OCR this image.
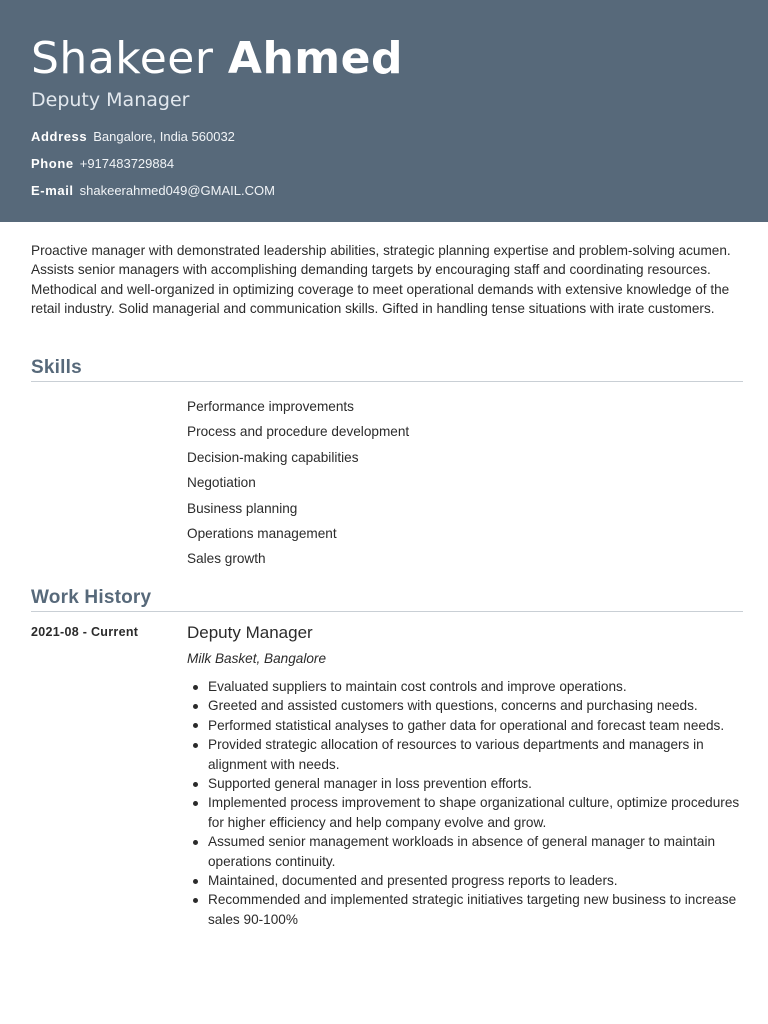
Shakeer Ahmed
Deputy Manager
Address Bangalore, India 560032
Phone +917483729884
E-mail shakeerahmed049@GMAIL.COM

Proactive manager with demonstrated leadership abilities, strategic planning expertise and problem-solving acumen. Assists senior managers with accomplishing demanding targets by encouraging staff and coordinating resources. Methodical and well-organized in optimizing coverage to meet operational demands with extensive knowledge of the retail industry. Solid managerial and communication skills. Gifted in handling tense situations with irate customers.

Skills
Performance improvements
Process and procedure development
Decision-making capabilities
Negotiation
Business planning
Operations management
Sales growth
Work History
2021-08 - Current	Deputy Manager
Milk Basket, Bangalore
Evaluated suppliers to maintain cost controls and improve operations.
Greeted and assisted customers with questions, concerns and purchasing needs.
Performed statistical analyses to gather data for operational and forecast team needs.
Provided strategic allocation of resources to various departments and managers in alignment with needs.
Supported general manager in loss prevention efforts.
Implemented process improvement to shape organizational culture, optimize procedures for higher efficiency and help company evolve and grow.
Assumed senior management workloads in absence of general manager to maintain operations continuity.
Maintained, documented and presented progress reports to leaders.
Recommended and implemented strategic initiatives targeting new business to increase sales 90-100%
